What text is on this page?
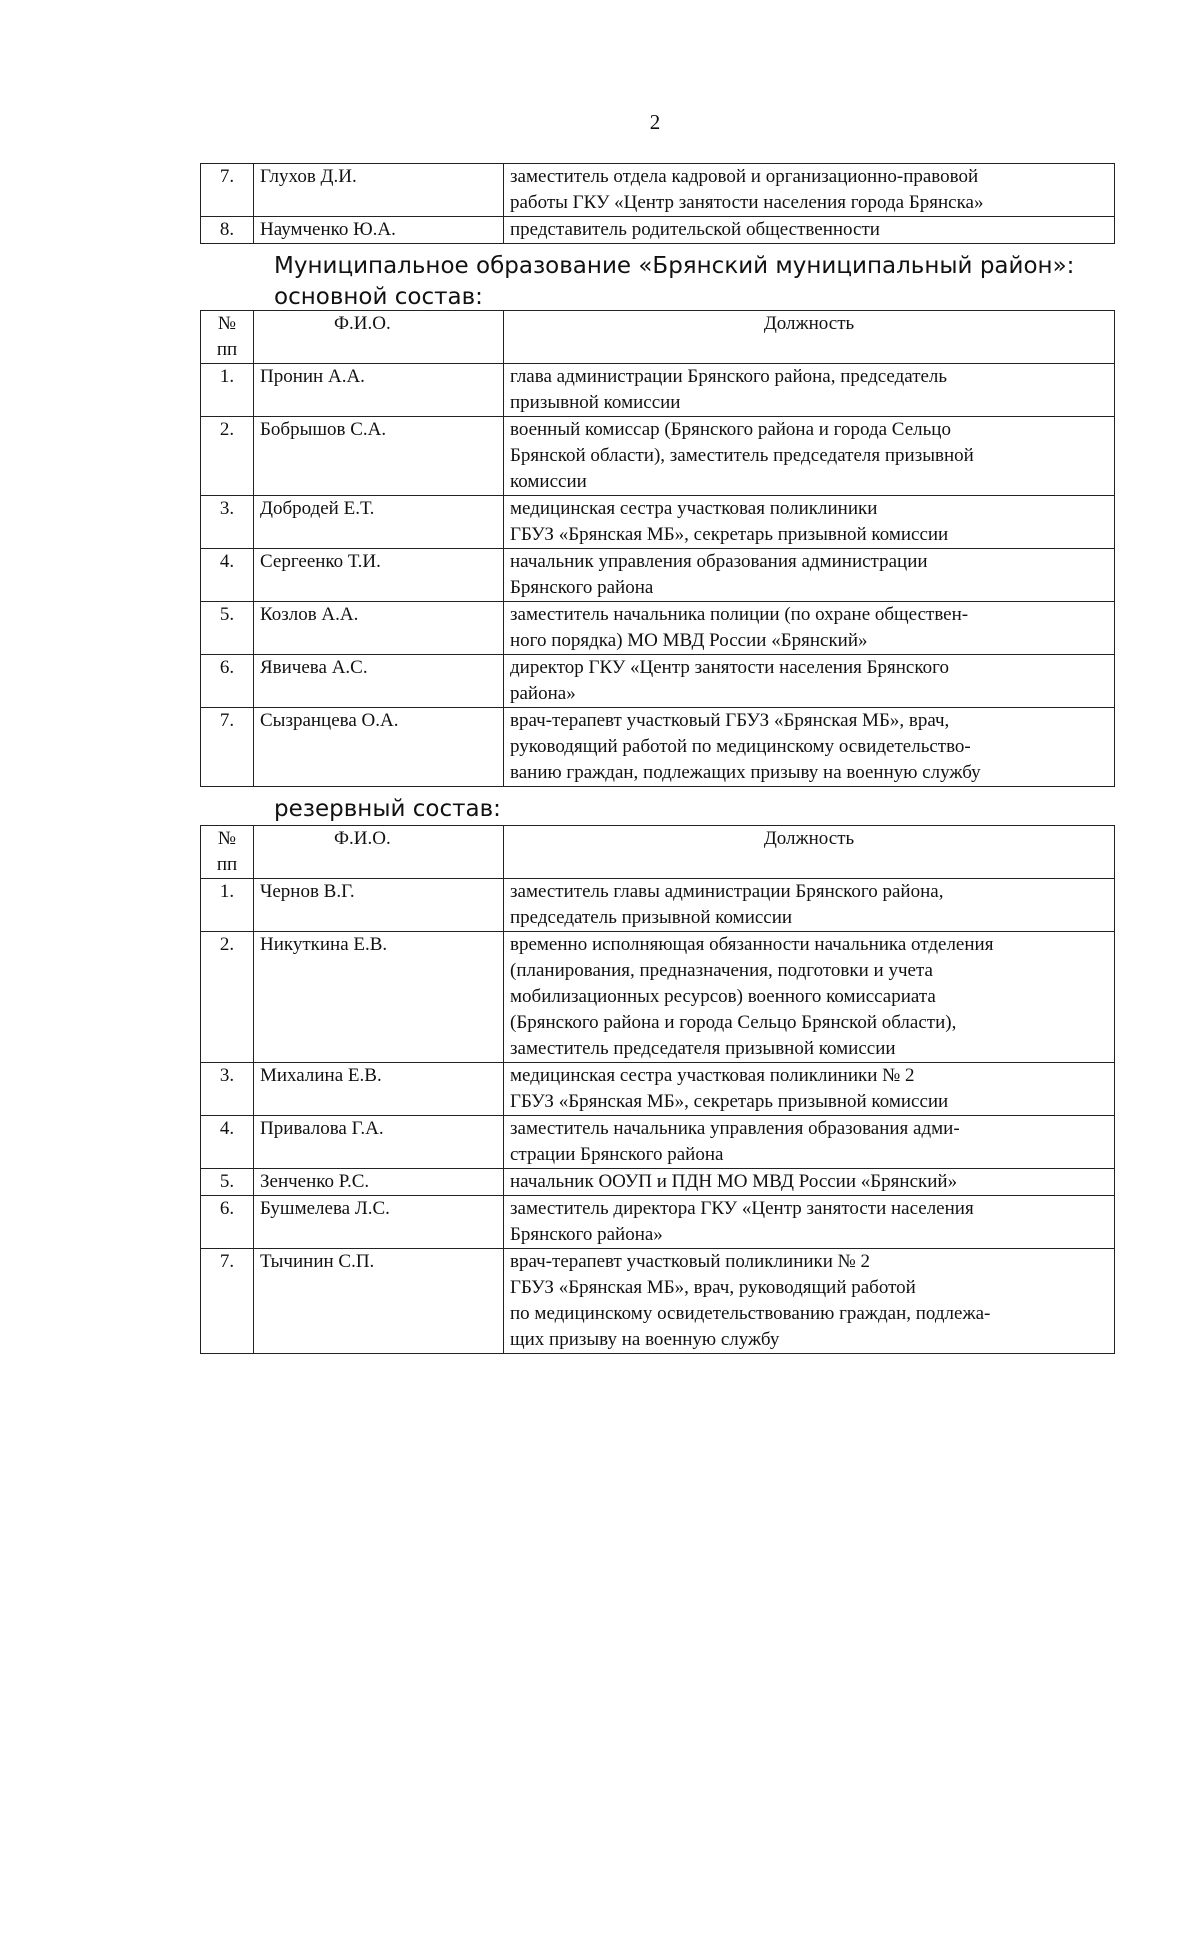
2
7.	Глухов Д.И.	заместитель отдела кадровой и организационно-правовой
работы ГКУ «Центр занятости населения города Брянска»

8.	Наумченко Ю.А.	представитель родительской общественности
Муниципальное образование «Брянский муниципальный район»:
основной состав:
№
пп	Ф.И.О.	Должность
1.	Пронин А.А.	глава администрации Брянского района, председатель
призывной комиссии

2.	Бобрышов С.А.	военный комиссар (Брянского района и города Сельцо
Брянской области), заместитель председателя призывной
комиссии

3.	Добродей Е.Т.	медицинская сестра участковая поликлиники
ГБУЗ «Брянская МБ», секретарь призывной комиссии

4.	Сергеенко Т.И.	начальник управления образования администрации
Брянского района

5.	Козлов А.А.	заместитель начальника полиции (по охране обществен-
ного порядка) МО МВД России «Брянский»

6.	Явичева А.С.	директор ГКУ «Центр занятости населения Брянского
района»

7.	Сызранцева О.А.	врач-терапевт участковый ГБУЗ «Брянская МБ», врач,
руководящий работой по медицинскому освидетельство-
ванию граждан, подлежащих призыву на военную службу
резервный состав:
№
пп	Ф.И.О.	Должность
1.	Чернов В.Г.	заместитель главы администрации Брянского района,
председатель призывной комиссии

2.	Никуткина Е.В.	временно исполняющая обязанности начальника отделения
(планирования, предназначения, подготовки и учета
мобилизационных ресурсов) военного комиссариата
(Брянского района и города Сельцо Брянской области),
заместитель председателя призывной комиссии

3.	Михалина Е.В.	медицинская сестра участковая поликлиники № 2
ГБУЗ «Брянская МБ», секретарь призывной комиссии

4.	Привалова Г.А.	заместитель начальника управления образования адми-
страции Брянского района

5.	Зенченко Р.С.	начальник ООУП и ПДН МО МВД России «Брянский»

6.	Бушмелева Л.С.	заместитель директора ГКУ «Центр занятости населения
Брянского района»

7.	Тычинин С.П.	врач-терапевт участковый поликлиники № 2
ГБУЗ «Брянская МБ», врач, руководящий работой
по медицинскому освидетельствованию граждан, подлежа-
щих призыву на военную службу
